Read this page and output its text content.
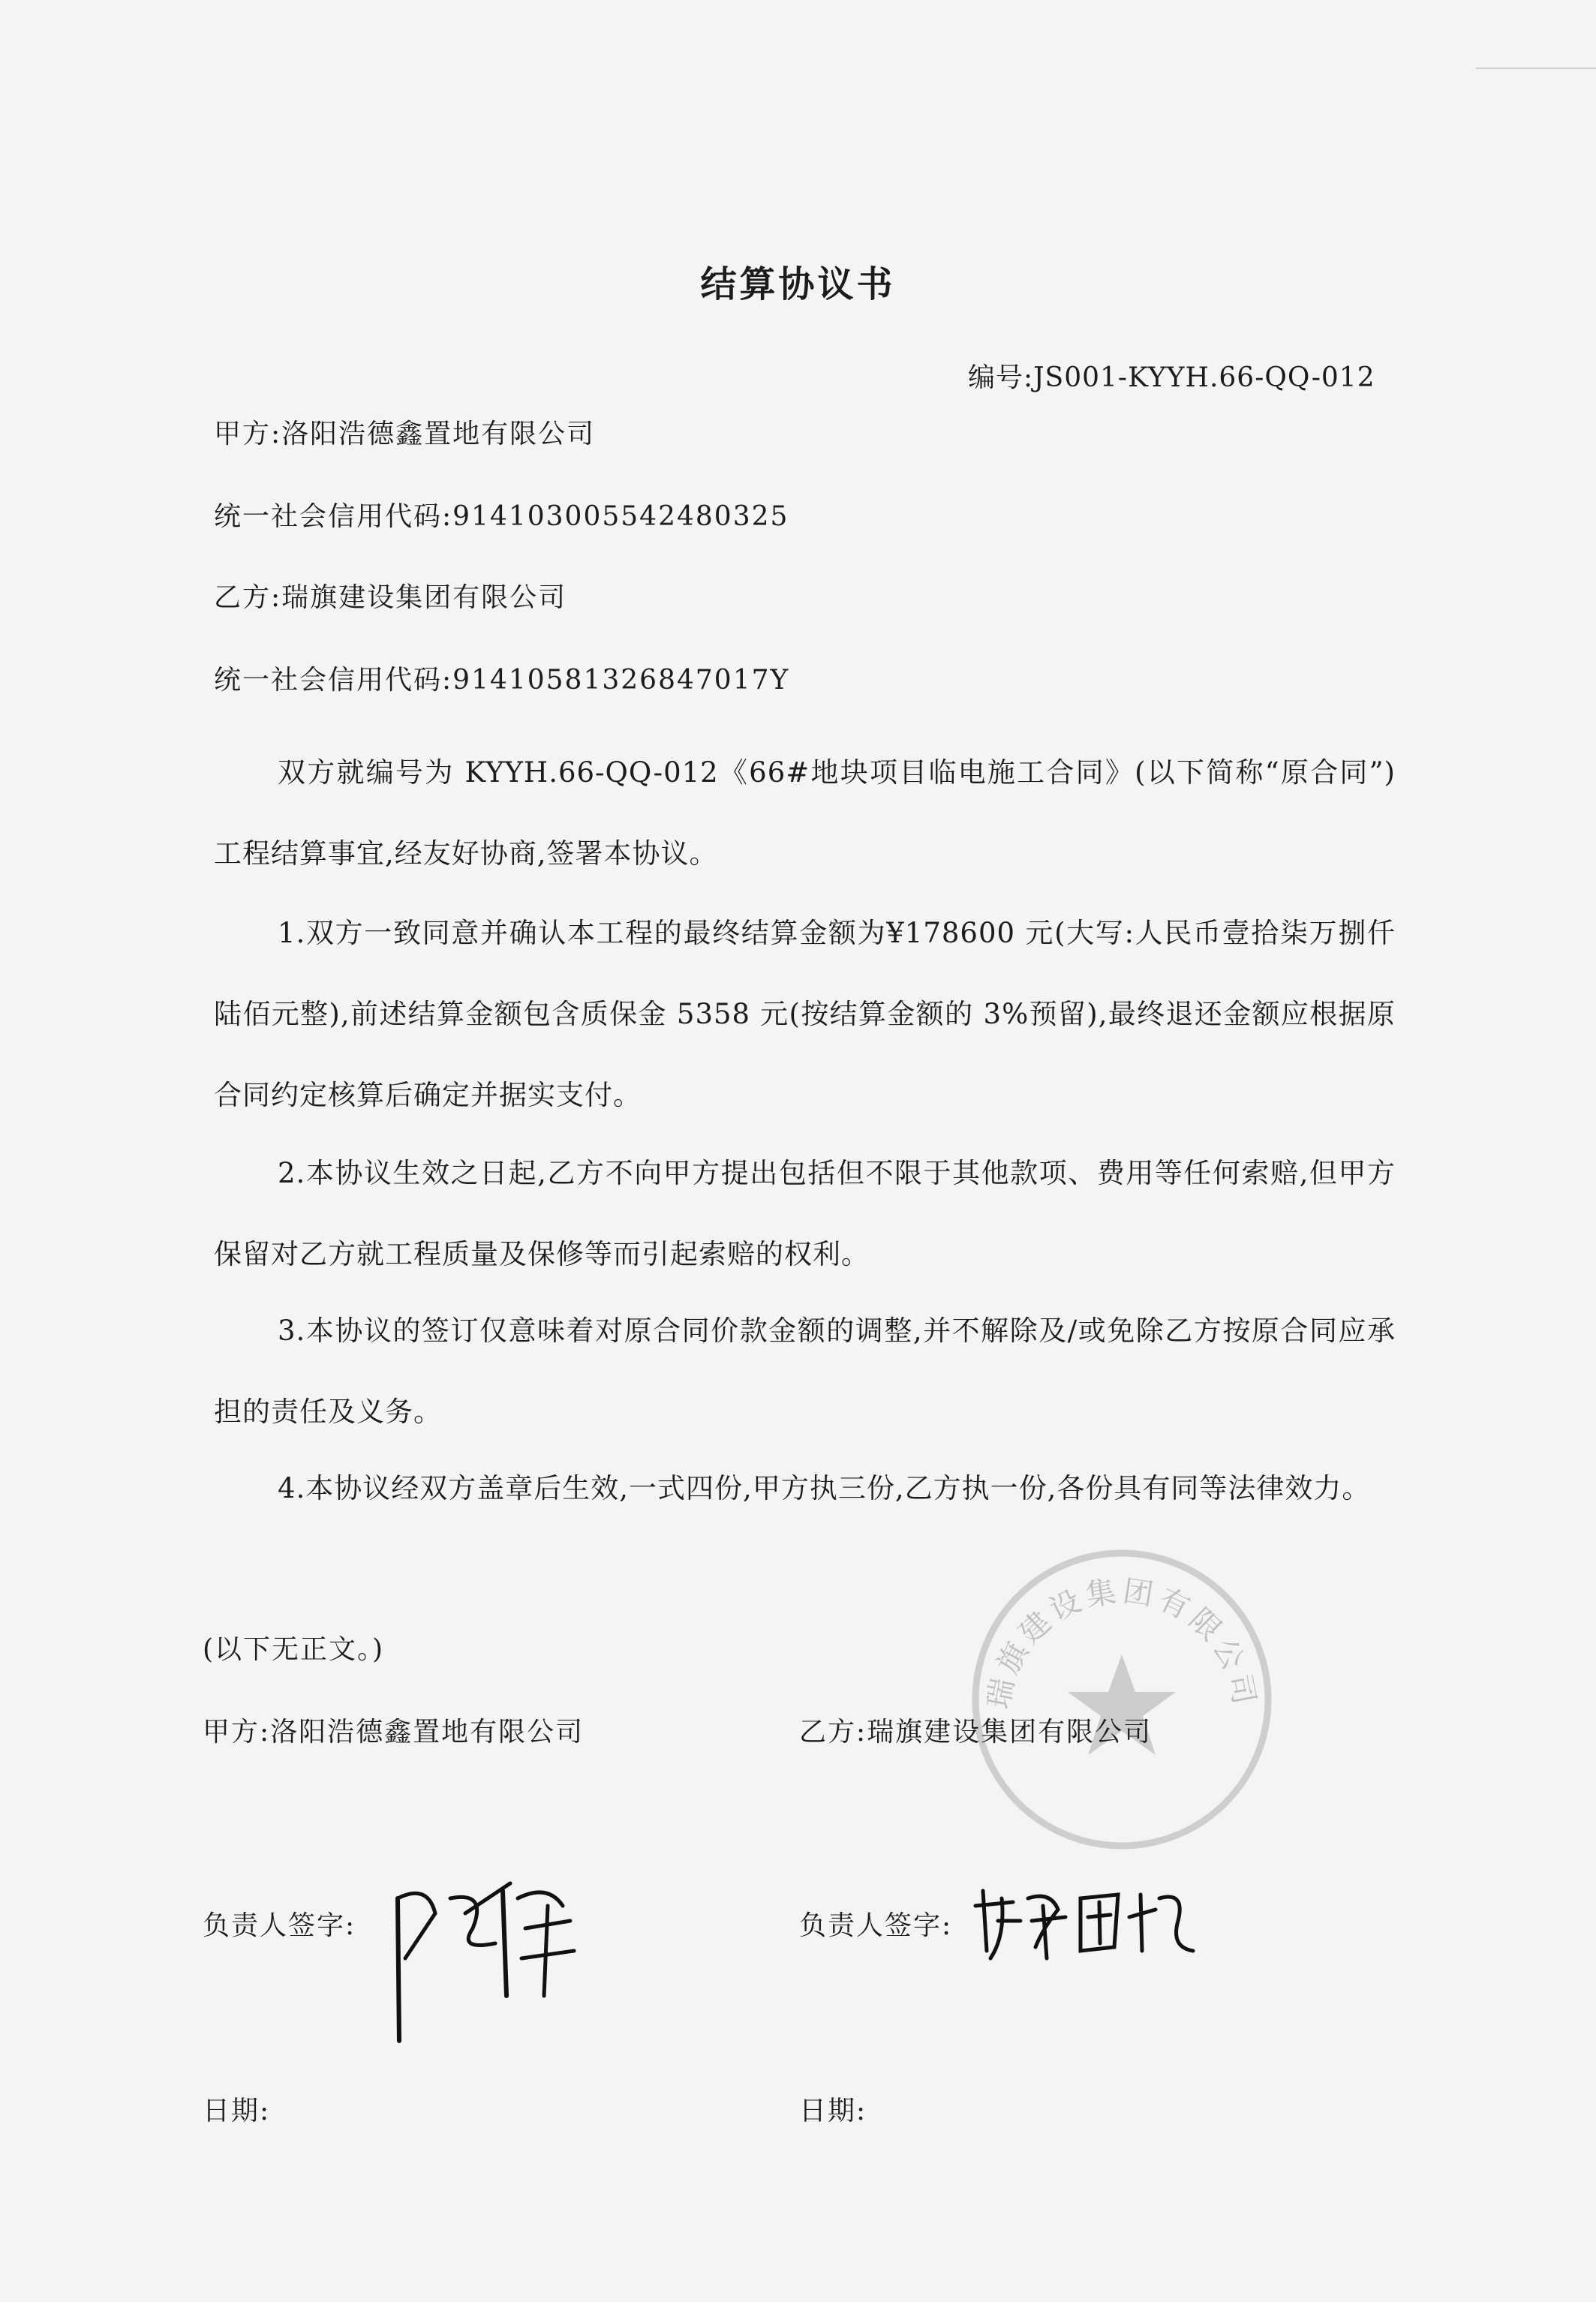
结算协议书
编号:JS001-KYYH.66-QQ-012
甲方:洛阳浩德鑫置地有限公司
统一社会信用代码:914103005542480325
乙方:瑞旗建设集团有限公司
统一社会信用代码:91410581326847017Y
双方就编号为 KYYH.66-QQ-012《66#地块项目临电施工合同》(以下简称“原合同”)工程结算事宜,经友好协商,签署本协议。
1.双方一致同意并确认本工程的最终结算金额为¥178600 元(大写:人民币壹拾柒万捌仟陆佰元整),前述结算金额包含质保金 5358 元(按结算金额的 3%预留),最终退还金额应根据原合同约定核算后确定并据实支付。
2.本协议生效之日起,乙方不向甲方提出包括但不限于其他款项、费用等任何索赔,但甲方保留对乙方就工程质量及保修等而引起索赔的权利。
3.本协议的签订仅意味着对原合同价款金额的调整,并不解除及/或免除乙方按原合同应承担的责任及义务。
4.本协议经双方盖章后生效,一式四份,甲方执三份,乙方执一份,各份具有同等法律效力。
(以下无正文。)
瑞旗建设集团有限公司
甲方:洛阳浩德鑫置地有限公司	乙方:瑞旗建设集团有限公司
负责人签字:	负责人签字:
日期:	日期:
